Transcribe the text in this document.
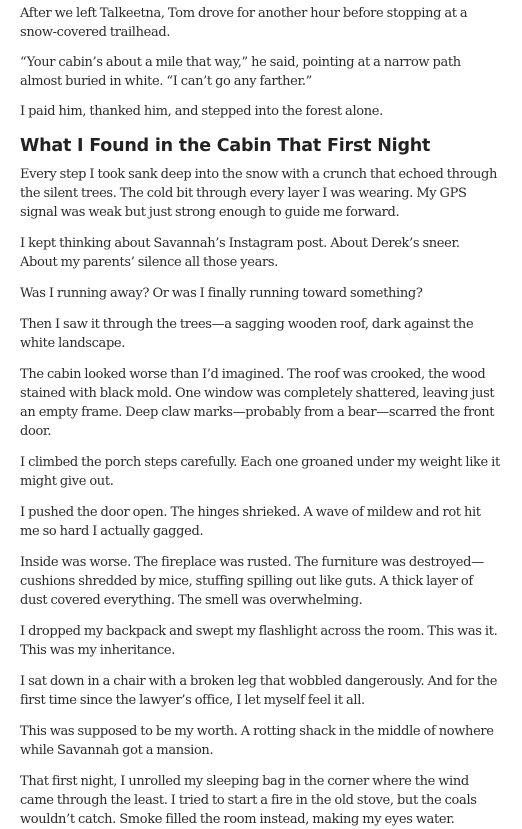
After we left Talkeetna, Tom drove for another hour before stopping at a snow-covered trailhead.

“Your cabin’s about a mile that way,” he said, pointing at a narrow path almost buried in white. “I can’t go any farther.”

I paid him, thanked him, and stepped into the forest alone.

What I Found in the Cabin That First Night

Every step I took sank deep into the snow with a crunch that echoed through the silent trees. The cold bit through every layer I was wearing. My GPS signal was weak but just strong enough to guide me forward.

I kept thinking about Savannah’s Instagram post. About Derek’s sneer. About my parents’ silence all those years.

Was I running away? Or was I finally running toward something?

Then I saw it through the trees—a sagging wooden roof, dark against the white landscape.

The cabin looked worse than I’d imagined. The roof was crooked, the wood stained with black mold. One window was completely shattered, leaving just an empty frame. Deep claw marks—probably from a bear—scarred the front door.

I climbed the porch steps carefully. Each one groaned under my weight like it might give out.

I pushed the door open. The hinges shrieked. A wave of mildew and rot hit me so hard I actually gagged.

Inside was worse. The fireplace was rusted. The furniture was destroyed—cushions shredded by mice, stuffing spilling out like guts. A thick layer of dust covered everything. The smell was overwhelming.

I dropped my backpack and swept my flashlight across the room. This was it. This was my inheritance.

I sat down in a chair with a broken leg that wobbled dangerously. And for the first time since the lawyer’s office, I let myself feel it all.

This was supposed to be my worth. A rotting shack in the middle of nowhere while Savannah got a mansion.

That first night, I unrolled my sleeping bag in the corner where the wind came through the least. I tried to start a fire in the old stove, but the coals wouldn’t catch. Smoke filled the room instead, making my eyes water.
